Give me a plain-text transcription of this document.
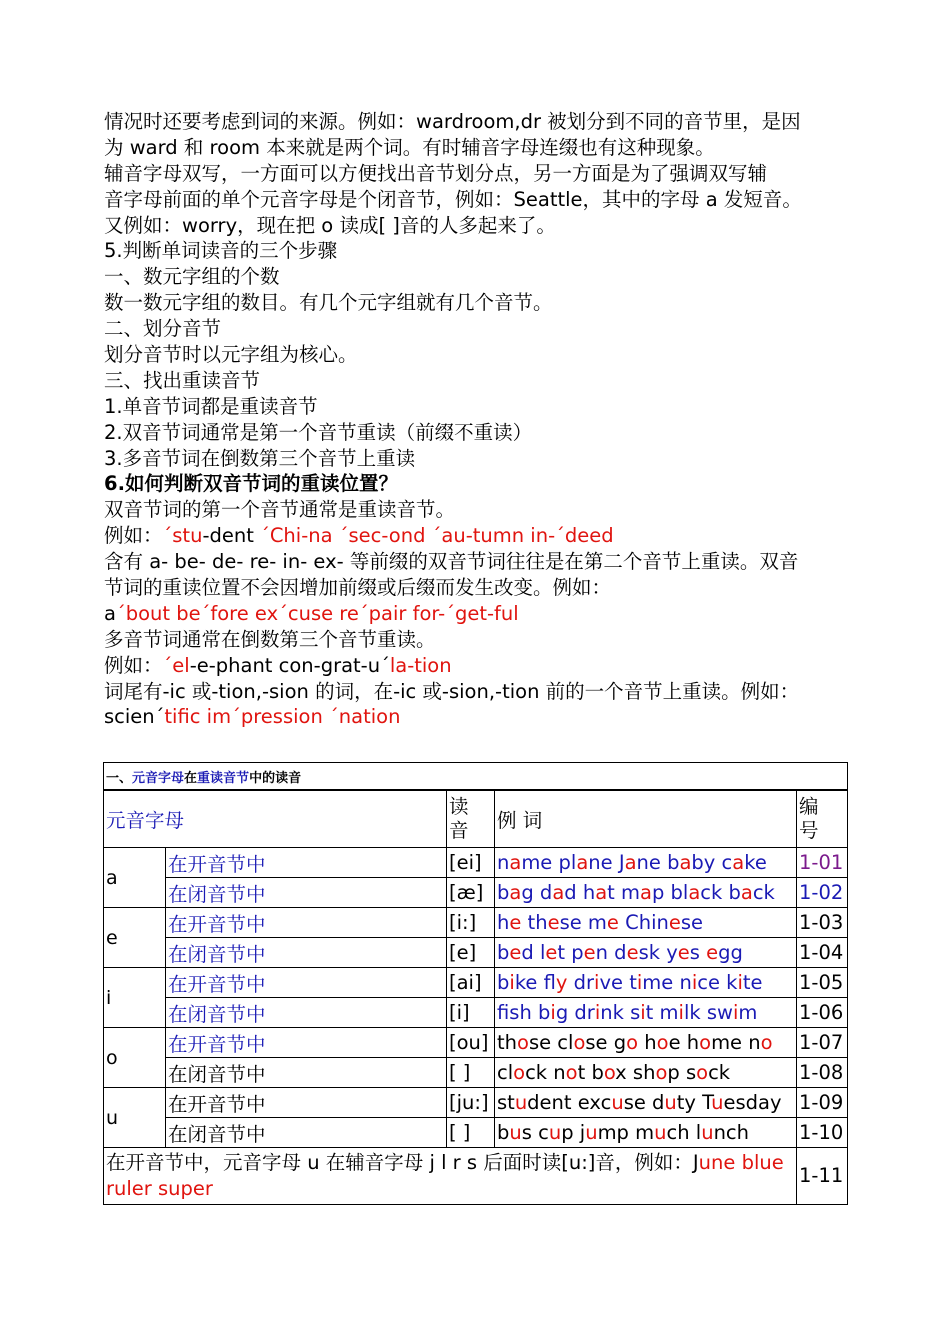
情况时还要考虑到词的来源。例如：wardroom,dr 被划分到不同的音节里，是因
为 ward 和 room 本来就是两个词。有时辅音字母连缀也有这种现象。
辅音字母双写，一方面可以方便找出音节划分点，另一方面是为了强调双写辅
音字母前面的单个元音字母是个闭音节，例如：Seattle，其中的字母 a 发短音。
又例如：worry，现在把 o 读成[ ]音的人多起来了。
5.判断单词读音的三个步骤
一、数元字组的个数
数一数元字组的数目。有几个元字组就有几个音节。
二、划分音节
划分音节时以元字组为核心。
三、找出重读音节
1.单音节词都是重读音节
2.双音节词通常是第一个音节重读（前缀不重读）
3.多音节词在倒数第三个音节上重读
6.如何判断双音节词的重读位置？
双音节词的第一个音节通常是重读音节。
例如：´stu-dent ´Chi-na ´sec-ond ´au-tumn in-´deed
含有 a- be- de- re- in- ex- 等前缀的双音节词往往是在第二个音节上重读。双音
节词的重读位置不会因增加前缀或后缀而发生改变。例如：
a´bout be´fore ex´cuse re´pair for-´get-ful
多音节词通常在倒数第三个音节重读。
例如：´el-e-phant con-grat-u´la-tion
词尾有-ic 或-tion,-sion 的词，在-ic 或-sion,-tion 前的一个音节上重读。例如：
scien´tific im´pression ´nation
一、元音字母在重读音节中的读音				
元音字母		读
音	例 词	编
号
a	在开音节中	[ei]	name plane Jane baby cake	1-01
	在闭音节中	[æ]	bag dad hat map black back	1-02
e	在开音节中	[i:]	he these me Chinese	1-03
	在闭音节中	[e]	bed let pen desk yes egg	1-04
i	在开音节中	[ai]	bike fly drive time nice kite	1-05
	在闭音节中	[i]	fsh big drink sit milk swim	1-06
o	在开音节中	[ou]	those close go hoe home no	1-07
	在闭音节中	[ ]	clock not box shop sock	1-08
u	在开音节中	[ju:]	student excuse duty Tuesday	1-09
	在闭音节中	[ ]	bus cup jump much lunch	1-10
在开音节中，元音字母 u 在辅音字母 j l r s 后面时读[u:]音，例如：June blue ruler super				1-11
